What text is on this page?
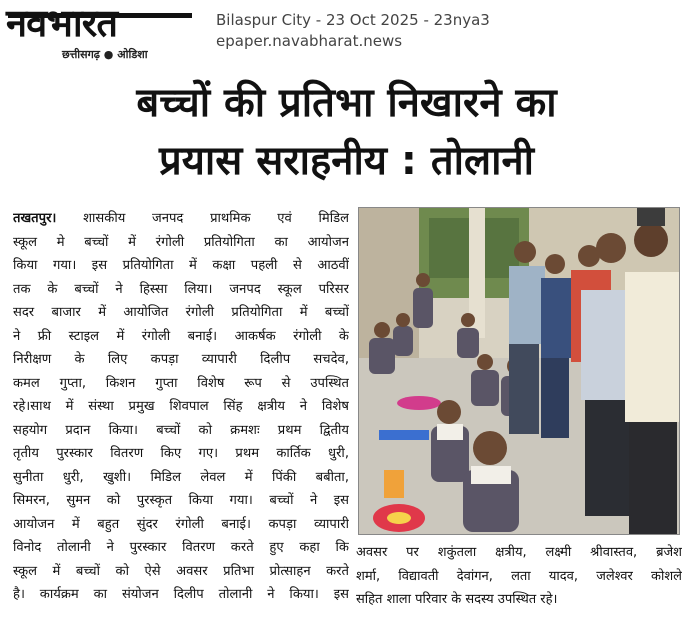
नवभारत
छत्तीसगढ़ ● ओडिशा
Bilaspur City - 23 Oct 2025 - 23nya3
epaper.navabharat.news
बच्चों की प्रतिभा निखारने का
प्रयास सराहनीय : तोलानी
तखतपुर। शासकीय जनपद प्राथमिक एवं मिडिल
स्कूल मे बच्चों में रंगोली प्रतियोगिता का आयोजन
किया गया। इस प्रतियोगिता में कक्षा पहली से आठवीं
तक के बच्चों ने हिस्सा लिया। जनपद स्कूल परिसर
सदर बाजार में आयोजित रंगोली प्रतियोगिता में बच्चों
ने फ्री स्टाइल में रंगोली बनाई। आकर्षक रंगोली के
निरीक्षण के लिए कपड़ा व्यापारी दिलीप सचदेव,
कमल गुप्ता, किशन गुप्ता विशेष रूप से उपस्थित
रहे।साथ में संस्था प्रमुख शिवपाल सिंह क्षत्रीय ने विशेष
सहयोग प्रदान किया। बच्चों को क्रमशः प्रथम द्वितीय
तृतीय पुरस्कार वितरण किए गए। प्रथम कार्तिक धुरी,
सुनीता धुरी, खुशी। मिडिल लेवल में पिंकी बबीता,
सिमरन, सुमन को पुरस्कृत किया गया। बच्चों ने इस
आयोजन में बहुत सुंदर रंगोली बनाई। कपड़ा व्यापारी
विनोद तोलानी ने पुरस्कार वितरण करते हुए कहा कि
स्कूल में बच्चों को ऐसे अवसर प्रतिभा प्रोत्साहन करते
है। कार्यक्रम का संयोजन दिलीप तोलानी ने किया। इस
अवसर पर शकुंतला क्षत्रीय, लक्ष्मी श्रीवास्तव, ब्रजेश
शर्मा, विद्यावती देवांगन, लता यादव, जलेश्वर कोशले
सहित शाला परिवार के सदस्य उपस्थित रहे।
